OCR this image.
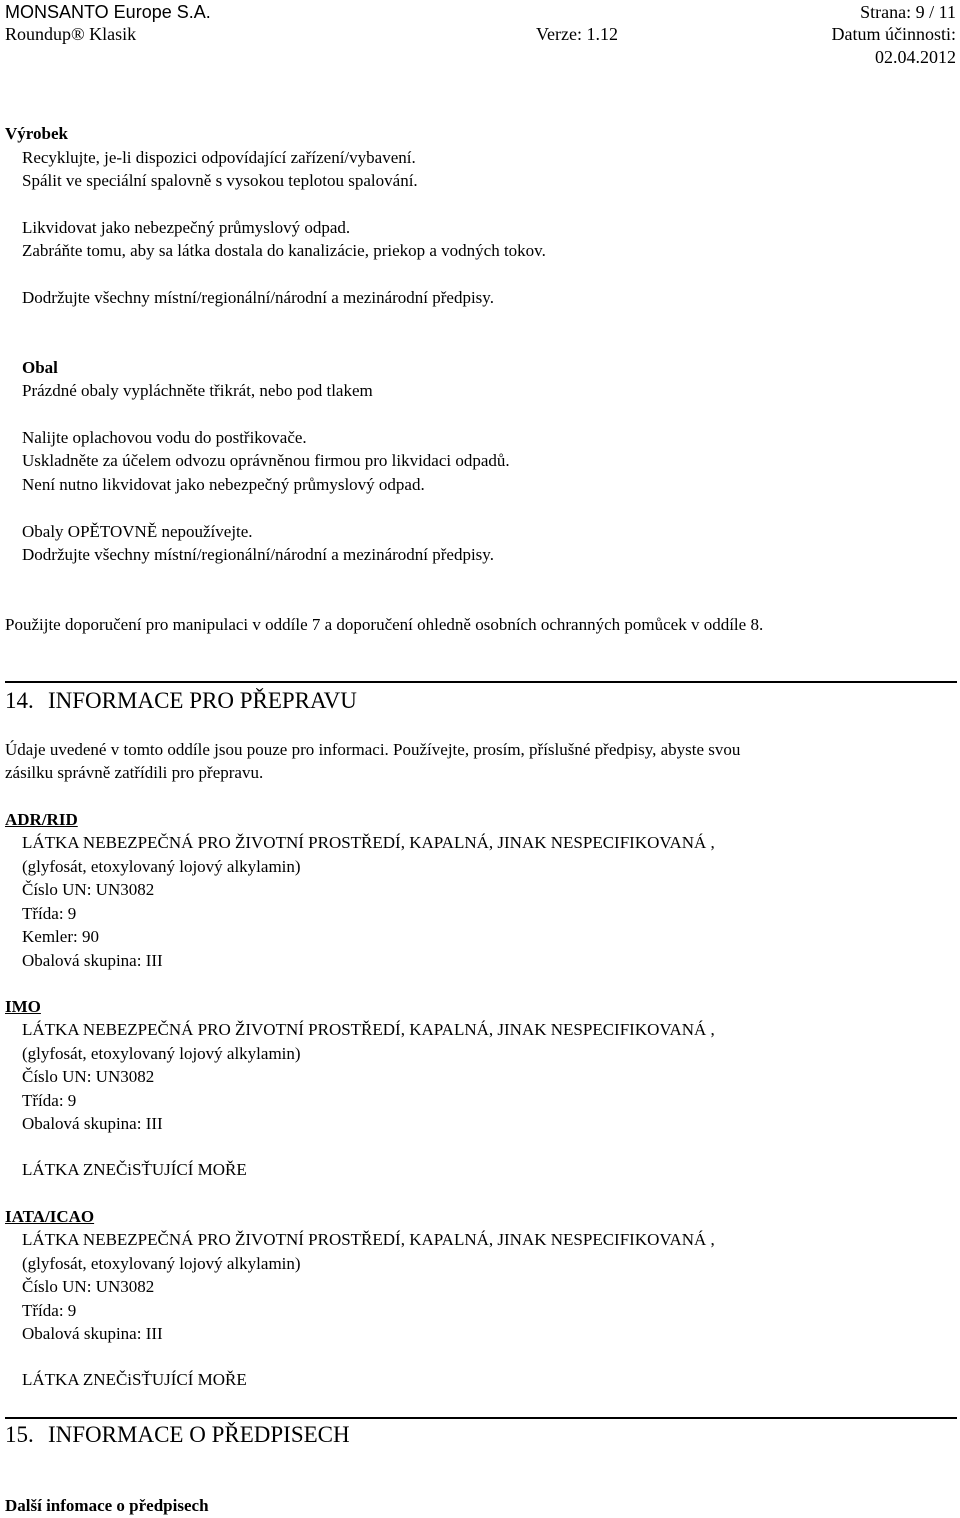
MONSANTO Europe S.A.	Strana: 9 / 11
Roundup® Klasik	Verze: 1.12	Datum účinnosti:
02.04.2012
Výrobek
Recyklujte, je-li dispozici odpovídající zařízení/vybavení.
Spálit ve speciální spalovně s vysokou teplotou spalování.
Likvidovat jako nebezpečný průmyslový odpad.
Zabráňte tomu, aby sa látka dostala do kanalizácie, priekop a vodných tokov.
Dodržujte všechny místní/regionální/národní a mezinárodní předpisy.
Obal
Prázdné obaly vypláchněte třikrát, nebo pod tlakem
Nalijte oplachovou vodu do postřikovače.
Uskladněte za účelem odvozu oprávněnou firmou pro likvidaci odpadů.
Není nutno likvidovat jako nebezpečný průmyslový odpad.
Obaly OPĚTOVNĚ nepoužívejte.
Dodržujte všechny místní/regionální/národní a mezinárodní předpisy.
Použijte doporučení pro manipulaci v oddíle 7 a doporučení ohledně osobních ochranných pomůcek v oddíle 8.
14. INFORMACE PRO PŘEPRAVU
Údaje uvedené v tomto oddíle jsou pouze pro informaci. Používejte, prosím, příslušné předpisy, abyste svou
zásilku správně zatřídili pro přepravu.
ADR/RID
LÁTKA NEBEZPEČNÁ PRO ŽIVOTNÍ PROSTŘEDÍ, KAPALNÁ, JINAK NESPECIFIKOVANÁ ,
(glyfosát, etoxylovaný lojový alkylamin)
Číslo UN: UN3082
Třída: 9
Kemler: 90
Obalová skupina: III
IMO
LÁTKA NEBEZPEČNÁ PRO ŽIVOTNÍ PROSTŘEDÍ, KAPALNÁ, JINAK NESPECIFIKOVANÁ ,
(glyfosát, etoxylovaný lojový alkylamin)
Číslo UN: UN3082
Třída: 9
Obalová skupina: III
LÁTKA ZNEČiSŤUJÍCÍ MOŘE
IATA/ICAO
LÁTKA NEBEZPEČNÁ PRO ŽIVOTNÍ PROSTŘEDÍ, KAPALNÁ, JINAK NESPECIFIKOVANÁ ,
(glyfosát, etoxylovaný lojový alkylamin)
Číslo UN: UN3082
Třída: 9
Obalová skupina: III
LÁTKA ZNEČiSŤUJÍCÍ MOŘE
15. INFORMACE O PŘEDPISECH
Další infomace o předpisech
